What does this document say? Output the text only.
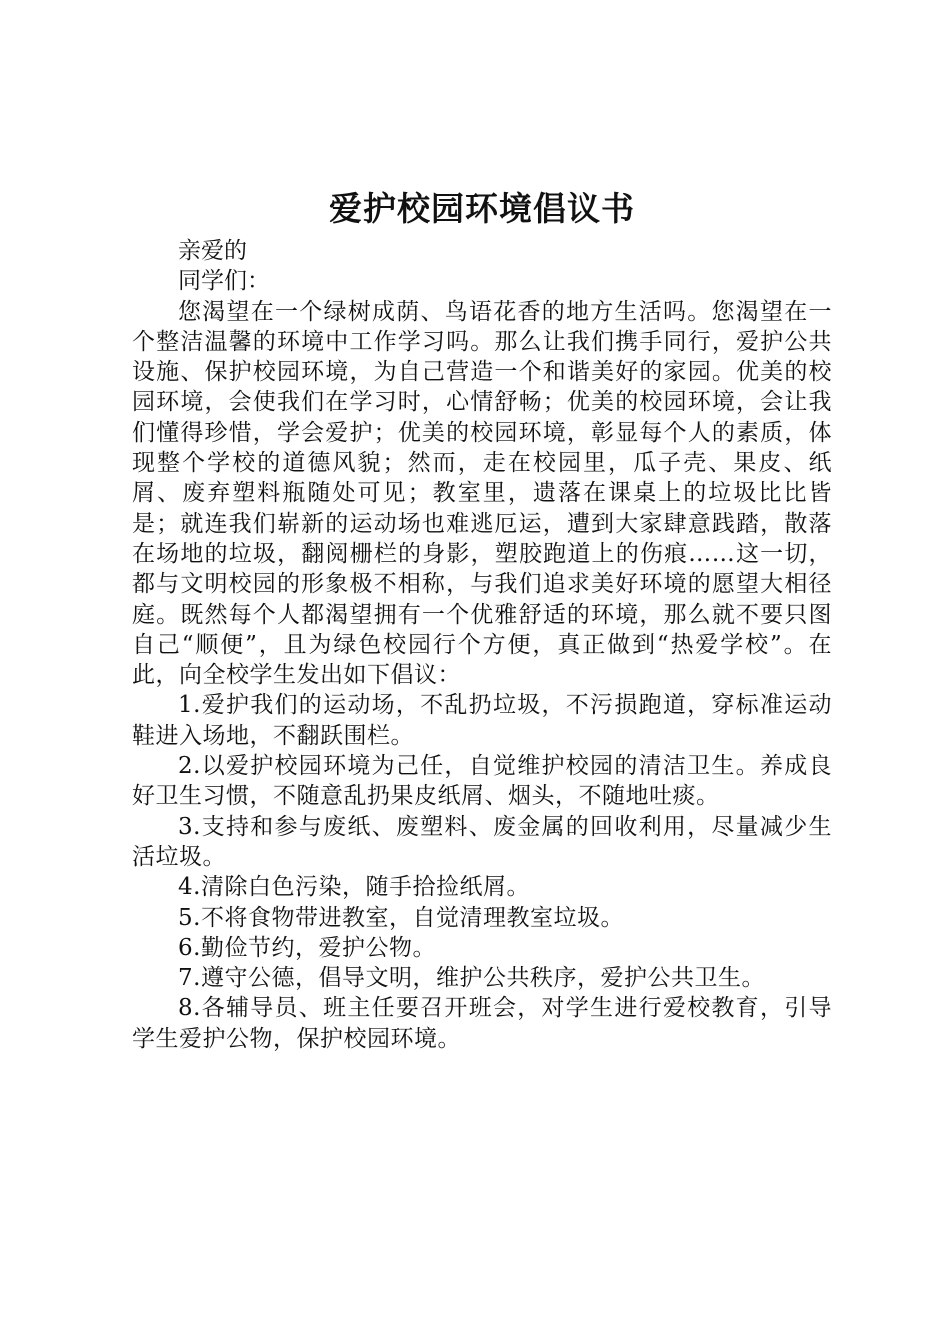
爱护校园环境倡议书

亲爱的

同学们：

您渴望在一个绿树成荫、鸟语花香的地方生活吗。您渴望在一个整洁温馨的环境中工作学习吗。那么让我们携手同行，爱护公共设施、保护校园环境，为自己营造一个和谐美好的家园。优美的校园环境，会使我们在学习时，心情舒畅；优美的校园环境，会让我们懂得珍惜，学会爱护；优美的校园环境，彰显每个人的素质，体现整个学校的道德风貌；然而，走在校园里，瓜子壳、果皮、纸屑、废弃塑料瓶随处可见；教室里，遗落在课桌上的垃圾比比皆是；就连我们崭新的运动场也难逃厄运，遭到大家肆意践踏，散落在场地的垃圾，翻阅栅栏的身影，塑胶跑道上的伤痕……这一切，都与文明校园的形象极不相称，与我们追求美好环境的愿望大相径庭。既然每个人都渴望拥有一个优雅舒适的环境，那么就不要只图自己“顺便”，且为绿色校园行个方便，真正做到“热爱学校”。在此，向全校学生发出如下倡议：

1.爱护我们的运动场，不乱扔垃圾，不污损跑道，穿标准运动鞋进入场地，不翻跃围栏。

2.以爱护校园环境为己任，自觉维护校园的清洁卫生。养成良好卫生习惯，不随意乱扔果皮纸屑、烟头，不随地吐痰。

3.支持和参与废纸、废塑料、废金属的回收利用，尽量减少生活垃圾。

4.清除白色污染，随手拾捡纸屑。

5.不将食物带进教室，自觉清理教室垃圾。

6.勤俭节约，爱护公物。

7.遵守公德，倡导文明，维护公共秩序，爱护公共卫生。

8.各辅导员、班主任要召开班会，对学生进行爱校教育，引导学生爱护公物，保护校园环境。
